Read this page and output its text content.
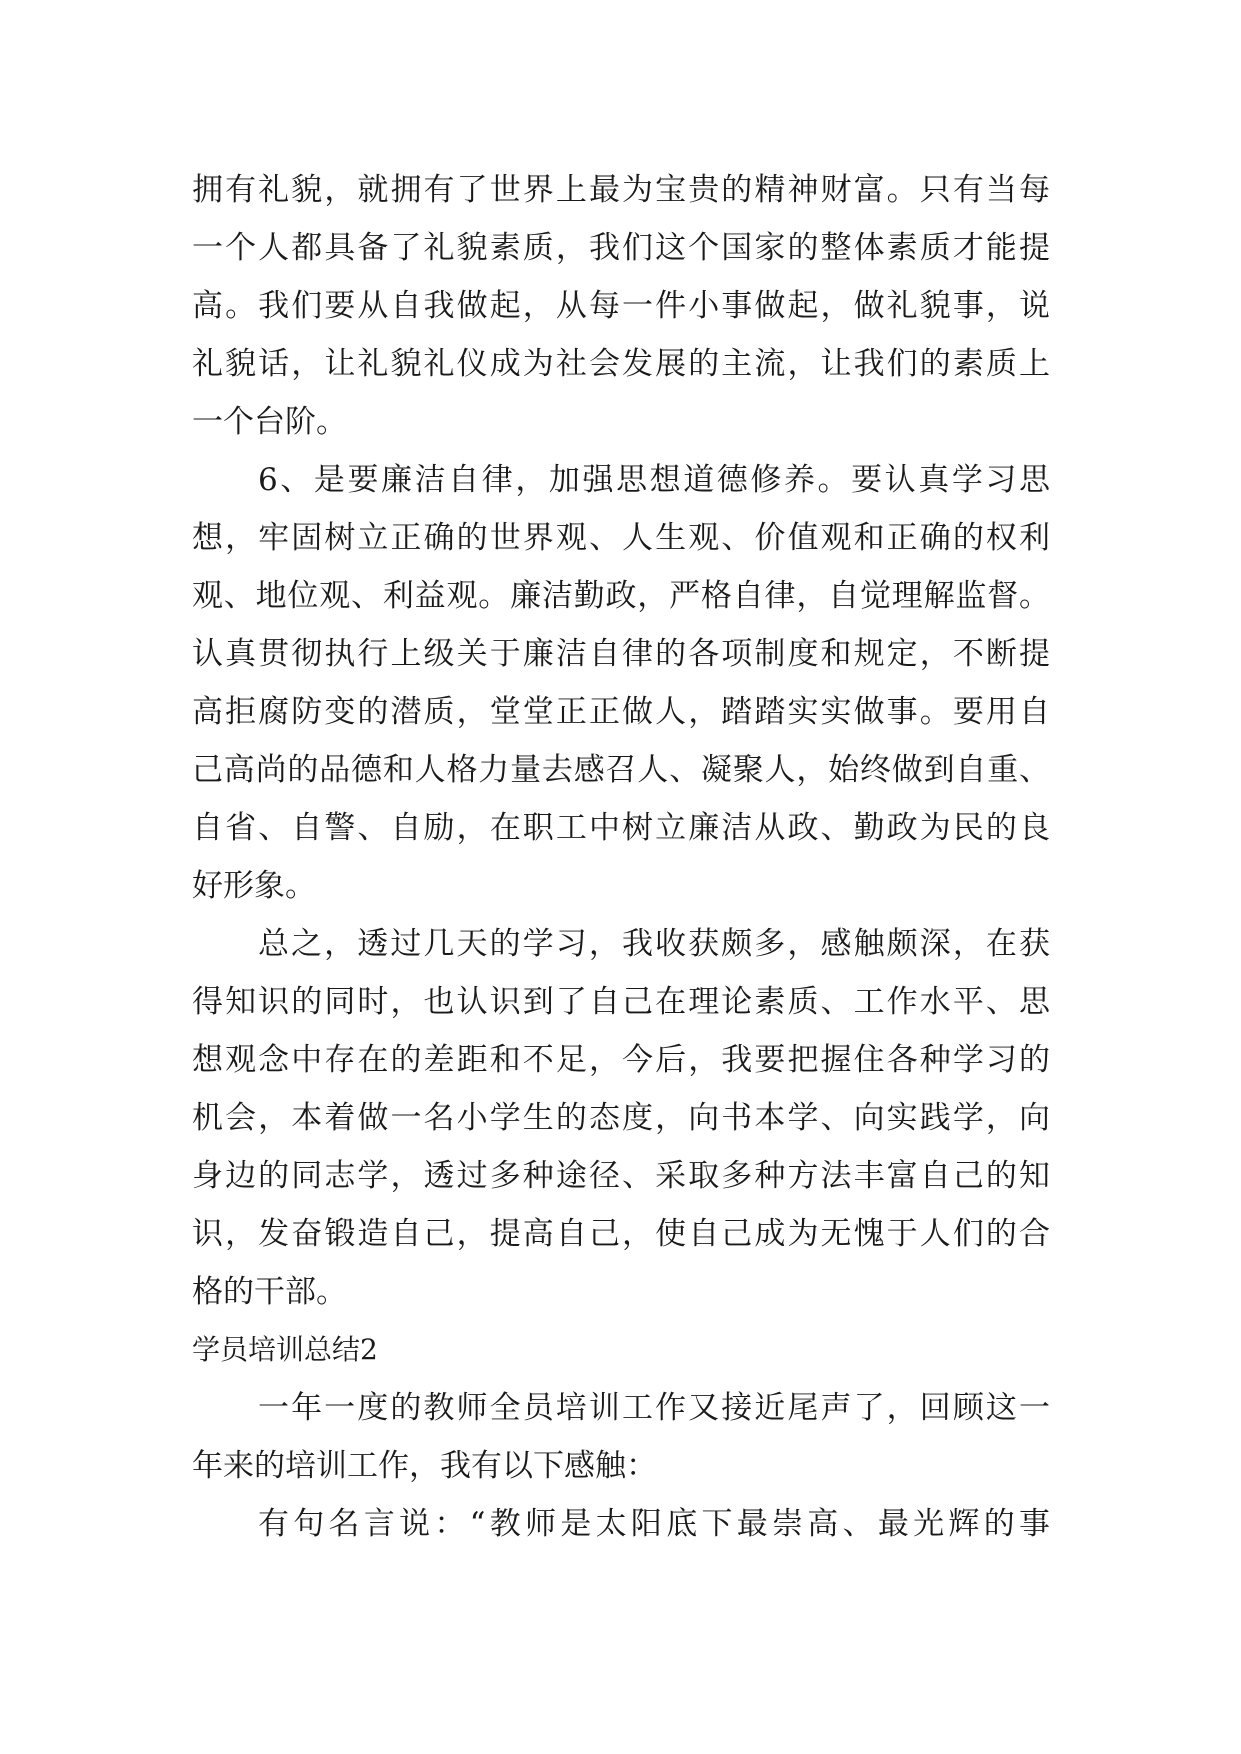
拥有礼貌，就拥有了世界上最为宝贵的精神财富。只有当每
一个人都具备了礼貌素质，我们这个国家的整体素质才能提
高。我们要从自我做起，从每一件小事做起，做礼貌事，说
礼貌话，让礼貌礼仪成为社会发展的主流，让我们的素质上
一个台阶。
6、是要廉洁自律，加强思想道德修养。要认真学习思
想，牢固树立正确的世界观、人生观、价值观和正确的权利
观、地位观、利益观。廉洁勤政，严格自律，自觉理解监督。
认真贯彻执行上级关于廉洁自律的各项制度和规定，不断提
高拒腐防变的潜质，堂堂正正做人，踏踏实实做事。要用自
己高尚的品德和人格力量去感召人、凝聚人，始终做到自重、
自省、自警、自励，在职工中树立廉洁从政、勤政为民的良
好形象。
总之，透过几天的学习，我收获颇多，感触颇深，在获
得知识的同时，也认识到了自己在理论素质、工作水平、思
想观念中存在的差距和不足，今后，我要把握住各种学习的
机会，本着做一名小学生的态度，向书本学、向实践学，向
身边的同志学，透过多种途径、采取多种方法丰富自己的知
识，发奋锻造自己，提高自己，使自己成为无愧于人们的合
格的干部。
学员培训总结2
一年一度的教师全员培训工作又接近尾声了，回顾这一
年来的培训工作，我有以下感触：
有句名言说：“教师是太阳底下最崇高、最光辉的事
